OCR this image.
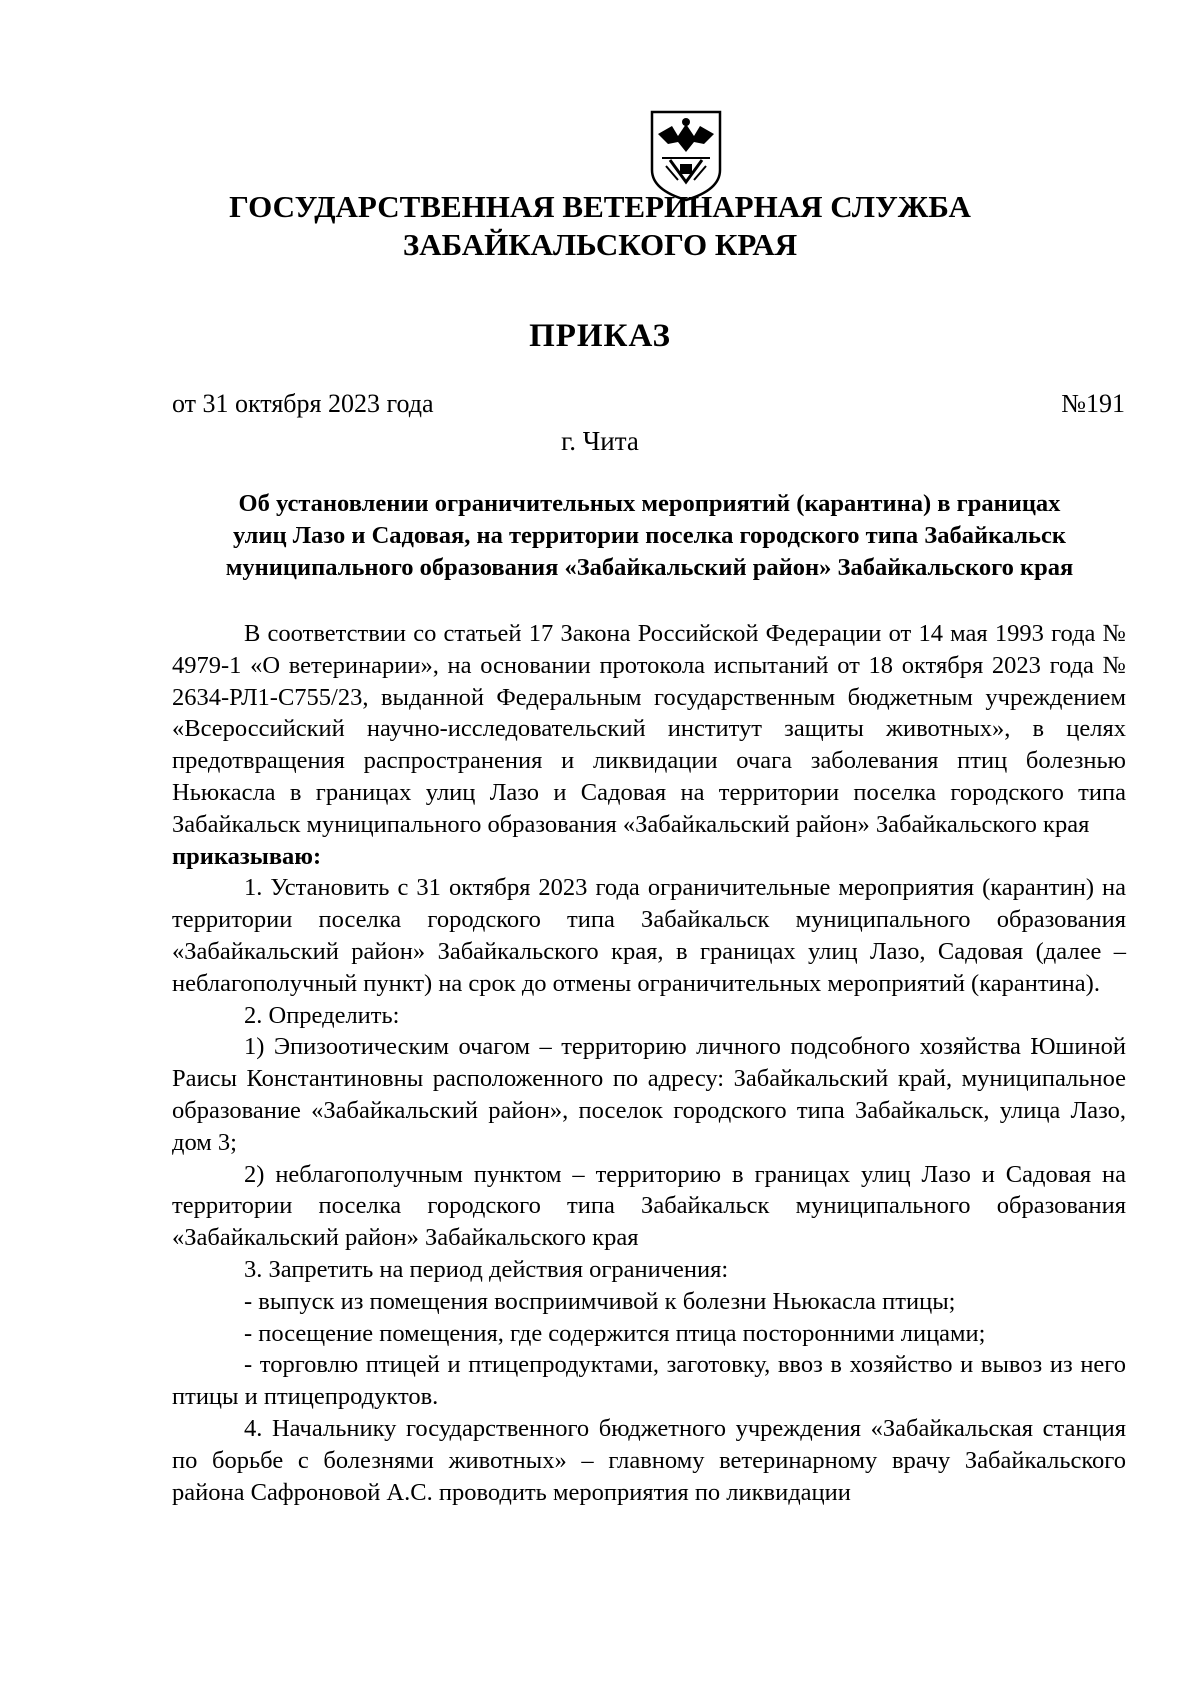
ГОСУДАРСТВЕННАЯ ВЕТЕРИНАРНАЯ СЛУЖБА
ЗАБАЙКАЛЬСКОГО КРАЯ
ПРИКАЗ
от 31 октября 2023 года	№191
г. Чита
Об установлении ограничительных мероприятий (карантина) в границах
улиц Лазо и Садовая, на территории поселка городского типа Забайкальск
муниципального образования «Забайкальский район» Забайкальского края

В соответствии со статьей 17 Закона Российской Федерации от 14 мая 1993 года № 4979-1 «О ветеринарии», на основании протокола испытаний от 18 октября 2023 года № 2634-РЛ1-С755/23, выданной Федеральным государственным бюджетным учреждением «Всероссийский научно-исследовательский институт защиты животных», в целях предотвращения распространения и ликвидации очага заболевания птиц болезнью Ньюкасла в границах улиц Лазо и Садовая на территории поселка городского типа Забайкальск муниципального образования «Забайкальский район» Забайкальского края

приказываю:

1. Установить с 31 октября 2023 года ограничительные мероприятия (карантин) на территории поселка городского типа Забайкальск муниципального образования «Забайкальский район» Забайкальского края, в границах улиц Лазо, Садовая (далее – неблагополучный пункт) на срок до отмены ограничительных мероприятий (карантина).

2. Определить:

1) Эпизоотическим очагом – территорию личного подсобного хозяйства Юшиной Раисы Константиновны расположенного по адресу: Забайкальский край, муниципальное образование «Забайкальский район», поселок городского типа Забайкальск, улица Лазо, дом 3;

2) неблагополучным пунктом – территорию в границах улиц Лазо и Садовая на территории поселка городского типа Забайкальск муниципального образования «Забайкальский район» Забайкальского края

3. Запретить на период действия ограничения:

- выпуск из помещения восприимчивой к болезни Ньюкасла птицы;

- посещение помещения, где содержится птица посторонними лицами;

- торговлю птицей и птицепродуктами, заготовку, ввоз в хозяйство и вывоз из него птицы и птицепродуктов.

4. Начальнику государственного бюджетного учреждения «Забайкальская станция по борьбе с болезнями животных» – главному ветеринарному врачу Забайкальского района Сафроновой А.С. проводить мероприятия по ликвидации
